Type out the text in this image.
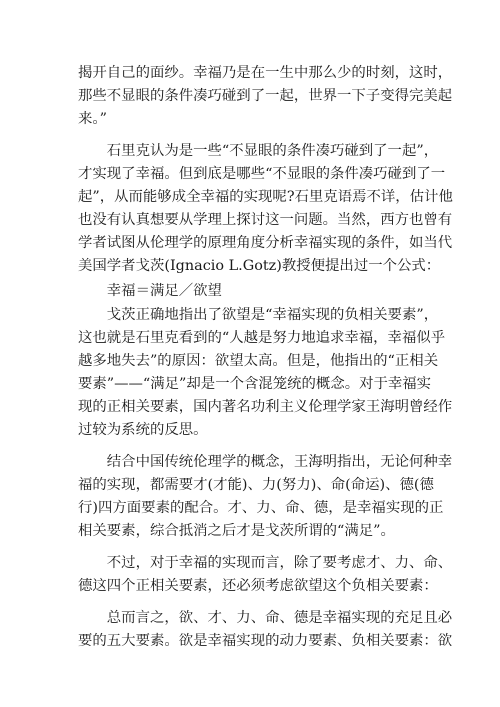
揭开自己的面纱。幸福乃是在一生中那么少的时刻，这时，
那些不显眼的条件凑巧碰到了一起，世界一下子变得完美起
来。”
　　石里克认为是一些“不显眼的条件凑巧碰到了一起”，
才实现了幸福。但到底是哪些“不显眼的条件凑巧碰到了一
起”，从而能够成全幸福的实现呢?石里克语焉不详，估计他
也没有认真想要从学理上探讨这一问题。当然，西方也曾有
学者试图从伦理学的原理角度分析幸福实现的条件，如当代
美国学者戈茨(Ignacio L.Gotz)教授便提出过一个公式：
　　幸福＝满足／欲望
　　戈茨正确地指出了欲望是“幸福实现的负相关要素”，
这也就是石里克看到的“人越是努力地追求幸福，幸福似乎
越多地失去”的原因：欲望太高。但是，他指出的“正相关
要素”——“满足”却是一个含混笼统的概念。对于幸福实
现的正相关要素，国内著名功利主义伦理学家王海明曾经作
过较为系统的反思。
　　结合中国传统伦理学的概念，王海明指出，无论何种幸
福的实现，都需要才(才能)、力(努力)、命(命运)、德(德
行)四方面要素的配合。才、力、命、德，是幸福实现的正
相关要素，综合抵消之后才是戈茨所谓的“满足”。
　　不过，对于幸福的实现而言，除了要考虑才、力、命、
德这四个正相关要素，还必须考虑欲望这个负相关要素：
　　总而言之，欲、才、力、命、德是幸福实现的充足且必
要的五大要素。欲是幸福实现的动力要素、负相关要素：欲
